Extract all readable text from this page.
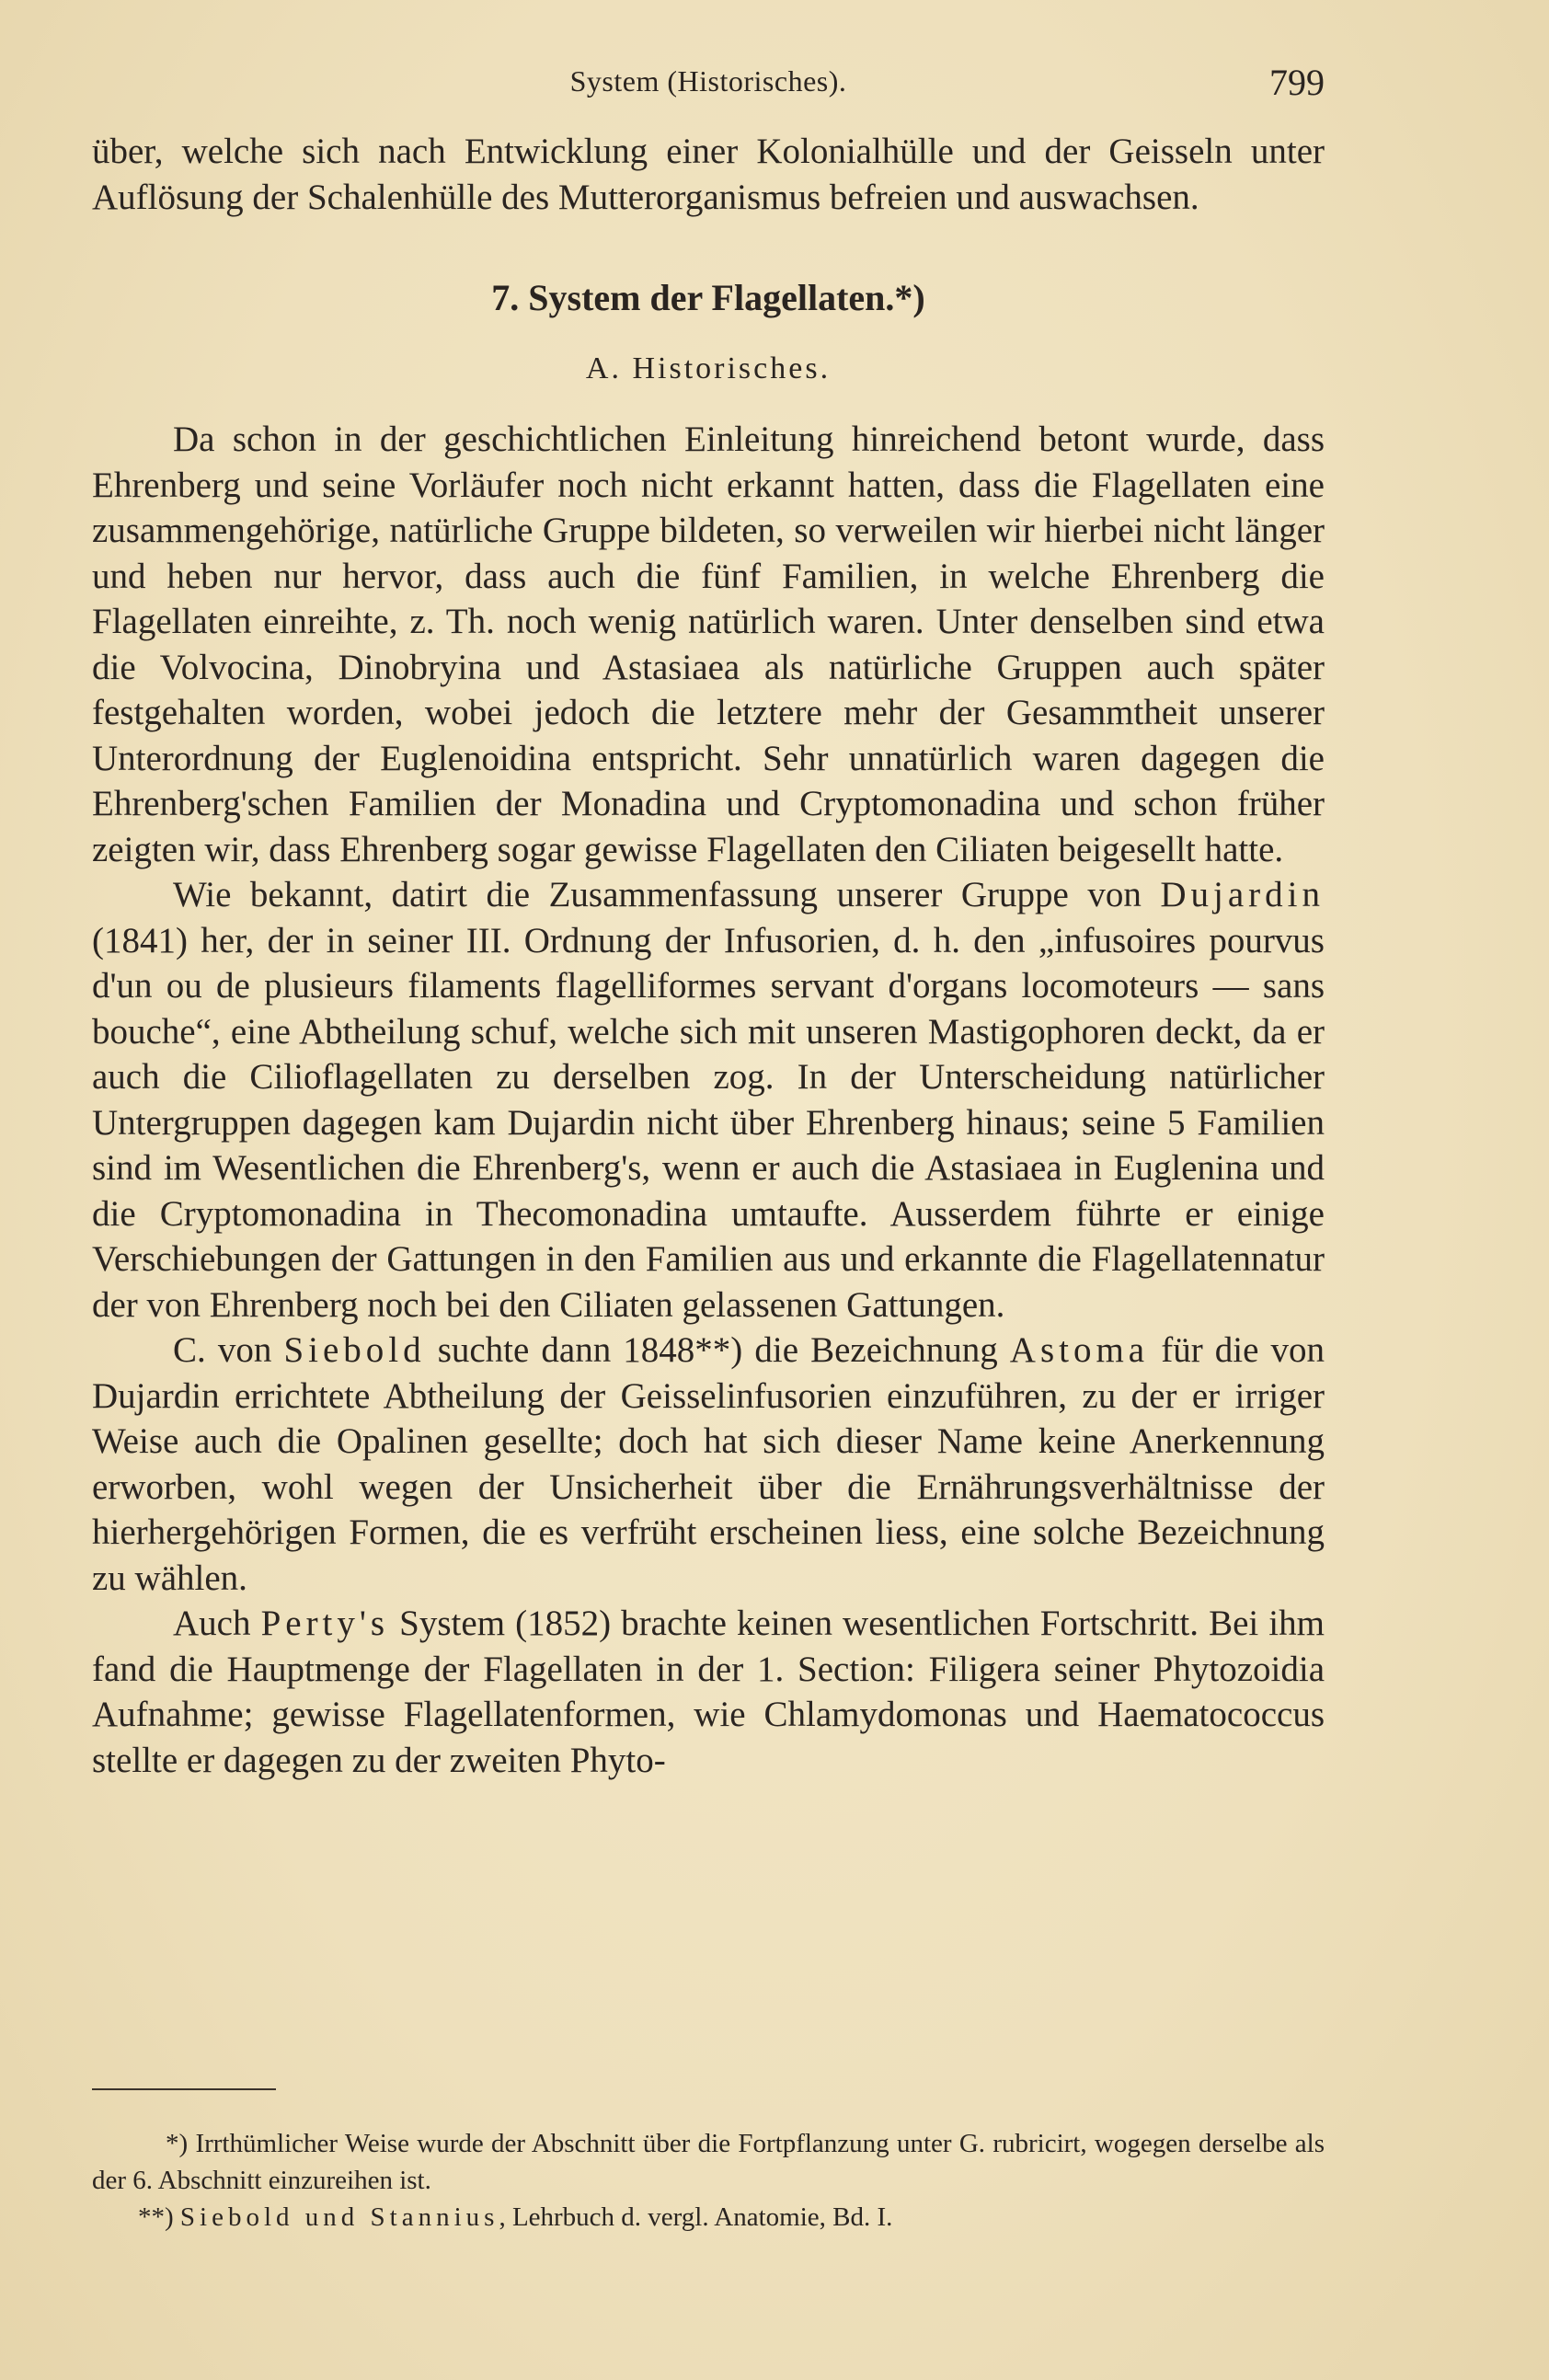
System (Historisches).	799

über, welche sich nach Entwicklung einer Kolonialhülle und der Geisseln unter Auflösung der Schalenhülle des Mutterorganismus befreien und auswachsen.

7. System der Flagellaten.*)
A. Historisches.

Da schon in der geschichtlichen Einleitung hinreichend betont wurde, dass Ehrenberg und seine Vorläufer noch nicht erkannt hatten, dass die Flagellaten eine zusammengehörige, natürliche Gruppe bildeten, so verweilen wir hierbei nicht länger und heben nur hervor, dass auch die fünf Familien, in welche Ehrenberg die Flagellaten einreihte, z. Th. noch wenig natürlich waren. Unter denselben sind etwa die Volvocina, Dinobryina und Astasiaea als natürliche Gruppen auch später festgehalten worden, wobei jedoch die letztere mehr der Gesammtheit unserer Unterordnung der Euglenoidina entspricht. Sehr unnatürlich waren dagegen die Ehrenberg'schen Familien der Monadina und Cryptomonadina und schon früher zeigten wir, dass Ehrenberg sogar gewisse Flagellaten den Ciliaten beigesellt hatte.

Wie bekannt, datirt die Zusammenfassung unserer Gruppe von Dujardin (1841) her, der in seiner III. Ordnung der Infusorien, d. h. den „infusoires pourvus d'un ou de plusieurs filaments flagelliformes servant d'organs locomoteurs — sans bouche“, eine Abtheilung schuf, welche sich mit unseren Mastigophoren deckt, da er auch die Cilioflagellaten zu derselben zog. In der Unterscheidung natürlicher Untergruppen dagegen kam Dujardin nicht über Ehrenberg hinaus; seine 5 Familien sind im Wesentlichen die Ehrenberg's, wenn er auch die Astasiaea in Euglenina und die Cryptomonadina in Thecomonadina umtaufte. Ausserdem führte er einige Verschiebungen der Gattungen in den Familien aus und erkannte die Flagellatennatur der von Ehrenberg noch bei den Ciliaten gelassenen Gattungen.

C. von Siebold suchte dann 1848**) die Bezeichnung Astoma für die von Dujardin errichtete Abtheilung der Geisselinfusorien einzuführen, zu der er irriger Weise auch die Opalinen gesellte; doch hat sich dieser Name keine Anerkennung erworben, wohl wegen der Unsicherheit über die Ernährungsverhältnisse der hierhergehörigen Formen, die es verfrüht erscheinen liess, eine solche Bezeichnung zu wählen.

Auch Perty's System (1852) brachte keinen wesentlichen Fortschritt. Bei ihm fand die Hauptmenge der Flagellaten in der 1. Section: Filigera seiner Phytozoidia Aufnahme; gewisse Flagellatenformen, wie Chlamydomonas und Haematococcus stellte er dagegen zu der zweiten Phyto-

*) Irrthümlicher Weise wurde der Abschnitt über die Fortpflanzung unter G. rubricirt, wogegen derselbe als der 6. Abschnitt einzureihen ist.

**) Siebold und Stannius, Lehrbuch d. vergl. Anatomie, Bd. I.
